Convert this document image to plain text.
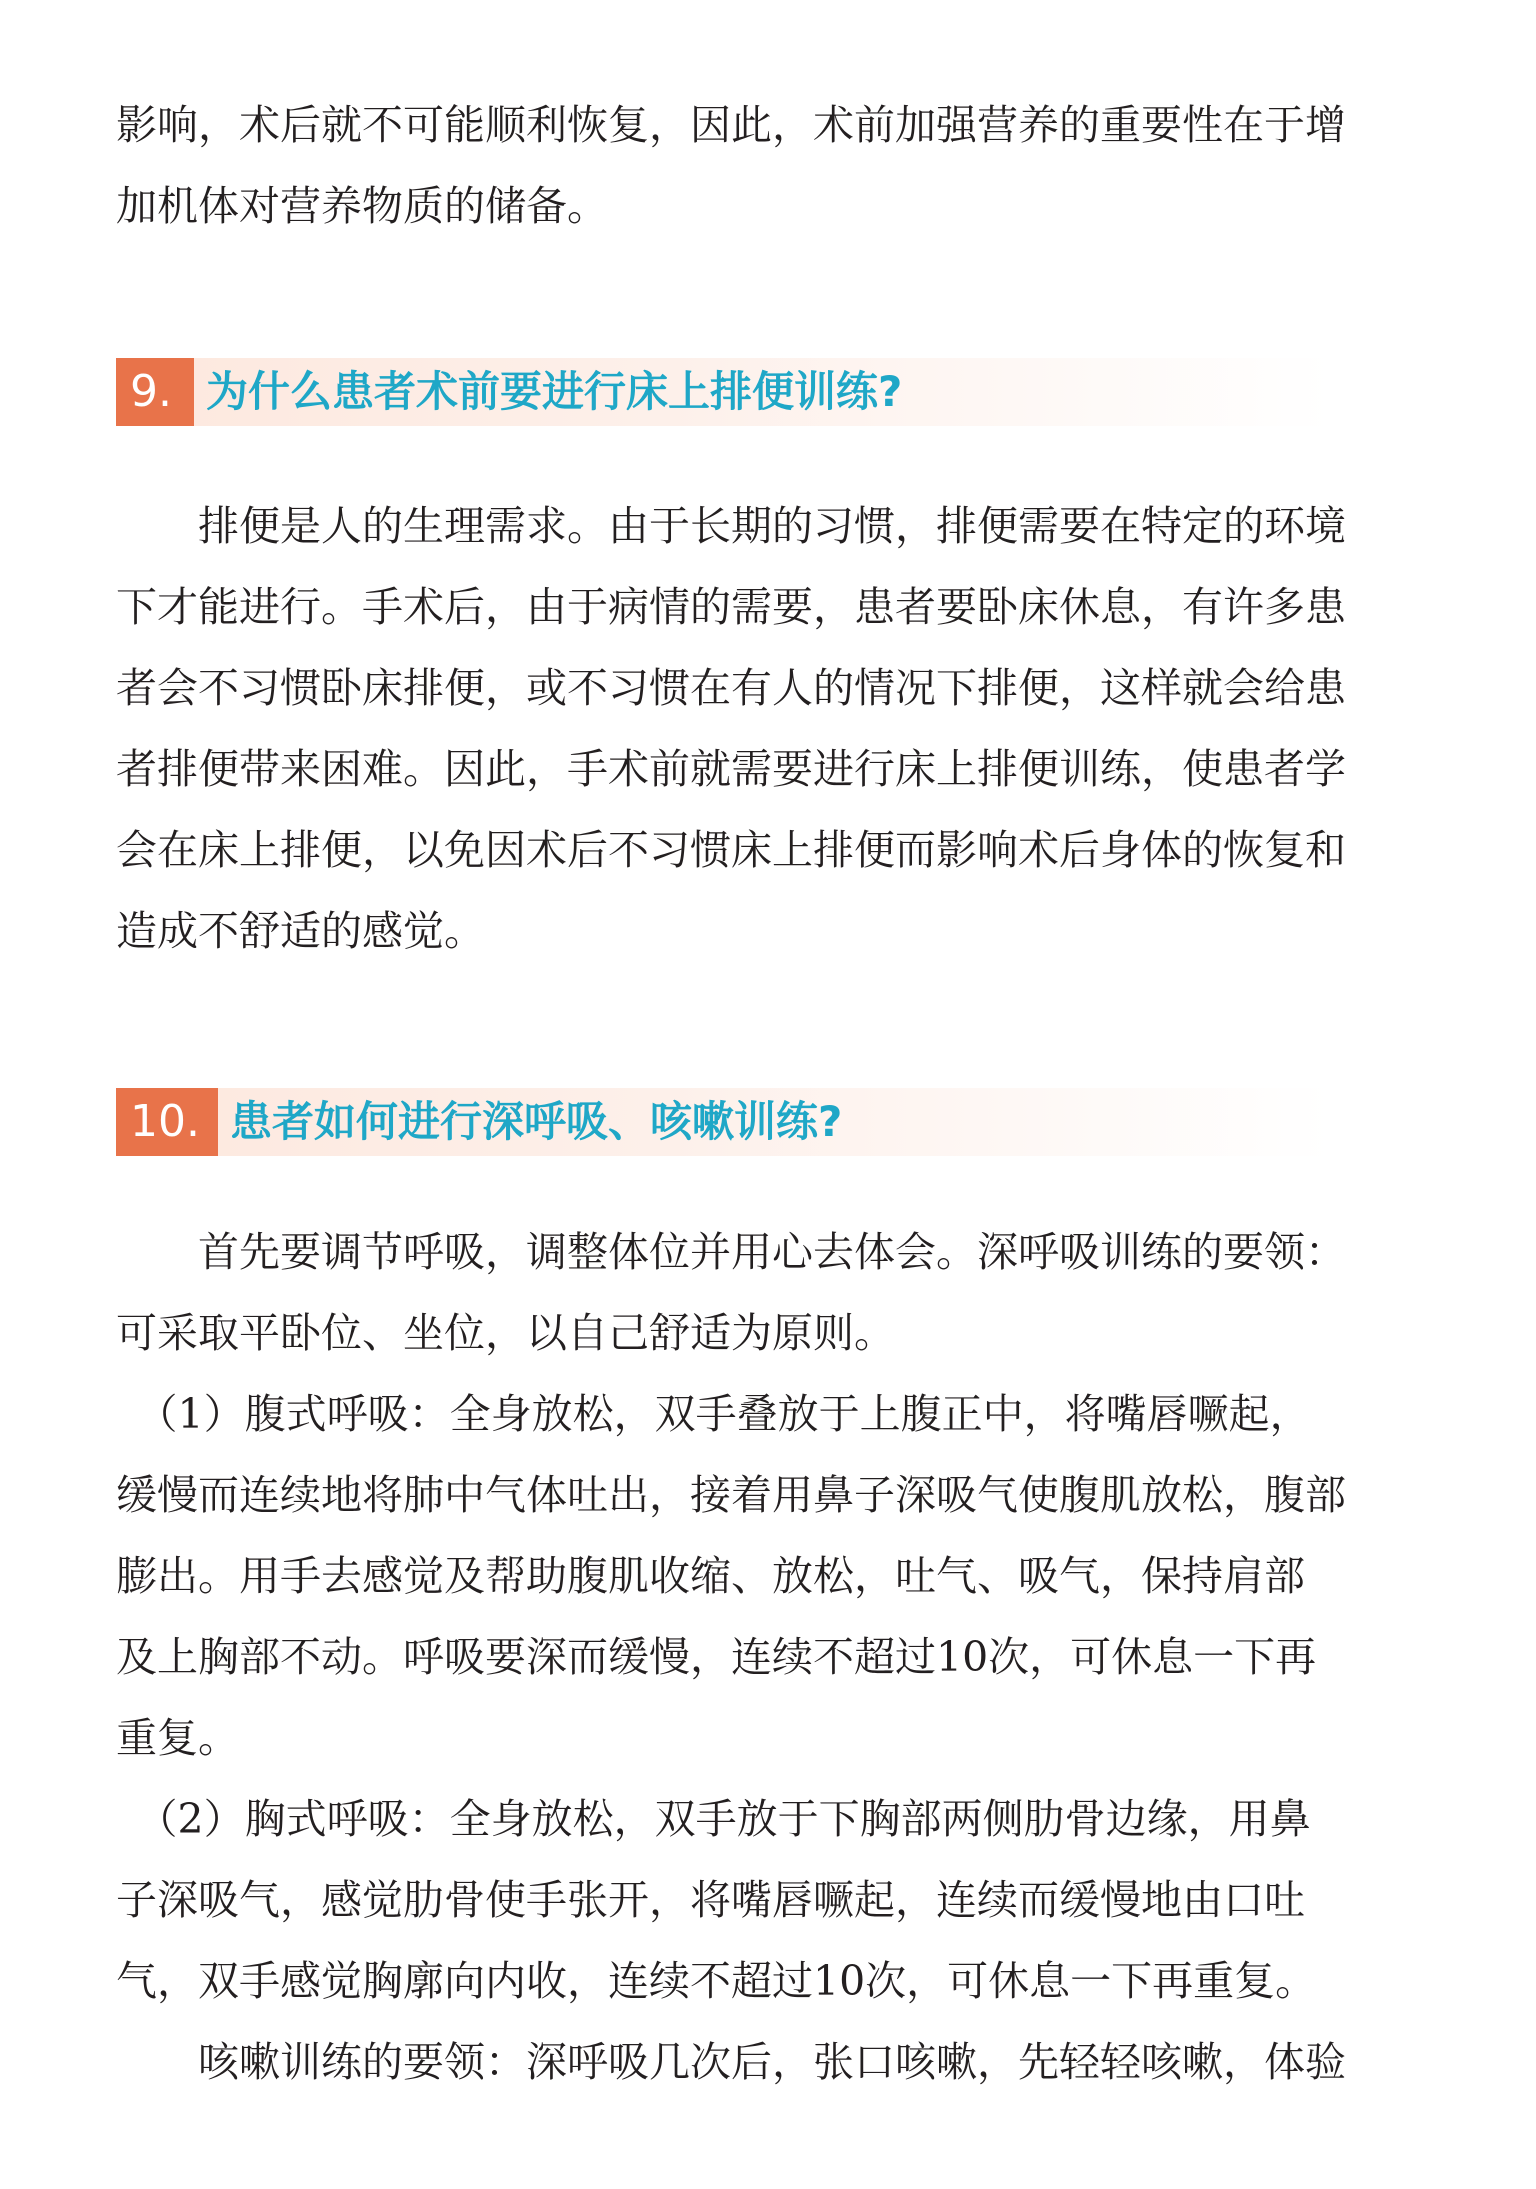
影响，术后就不可能顺利恢复，因此，术前加强营养的重要性在于增
加机体对营养物质的储备。
9. 为什么患者术前要进行床上排便训练?
　　排便是人的生理需求。由于长期的习惯，排便需要在特定的环境
下才能进行。手术后，由于病情的需要，患者要卧床休息，有许多患
者会不习惯卧床排便，或不习惯在有人的情况下排便，这样就会给患
者排便带来困难。因此，手术前就需要进行床上排便训练，使患者学
会在床上排便，以免因术后不习惯床上排便而影响术后身体的恢复和
造成不舒适的感觉。
10. 患者如何进行深呼吸、咳嗽训练?
　　首先要调节呼吸，调整体位并用心去体会。深呼吸训练的要领：
可采取平卧位、坐位，以自己舒适为原则。
　（1）腹式呼吸：全身放松，双手叠放于上腹正中，将嘴唇噘起，
缓慢而连续地将肺中气体吐出，接着用鼻子深吸气使腹肌放松，腹部
膨出。用手去感觉及帮助腹肌收缩、放松，吐气、吸气，保持肩部
及上胸部不动。呼吸要深而缓慢，连续不超过10次，可休息一下再
重复。
　（2）胸式呼吸：全身放松，双手放于下胸部两侧肋骨边缘，用鼻
子深吸气，感觉肋骨使手张开，将嘴唇噘起，连续而缓慢地由口吐
气，双手感觉胸廓向内收，连续不超过10次，可休息一下再重复。
　　咳嗽训练的要领：深呼吸几次后，张口咳嗽，先轻轻咳嗽，体验
